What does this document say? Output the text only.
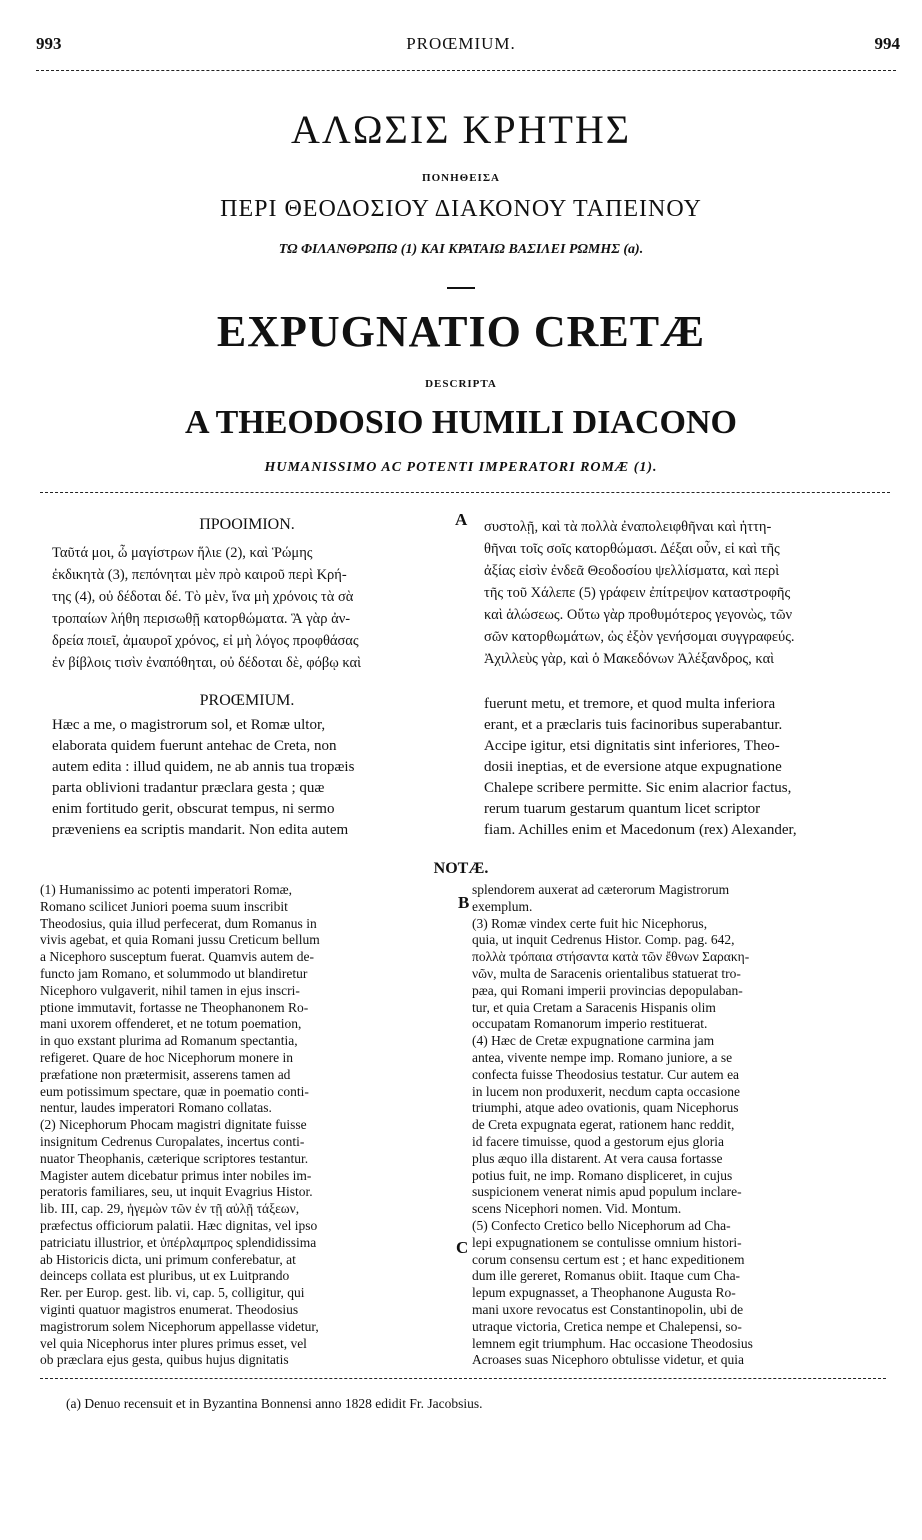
993	PROŒMIUM.	994
ΑΛΩΣΙΣ ΚΡΗΤΗΣ
ΠΟΝΗΘΕΙΣΑ
ΠΕΡΙ ΘΕΟΔΟΣΙΟΥ ΔΙΑΚΟΝΟΥ ΤΑΠΕΙΝΟΥ
ΤΩ ΦΙΛΑΝΘΡΩΠΩ (1) ΚΑΙ ΚΡΑΤΑΙΩ ΒΑΣΙΛΕΙ ΡΩΜΗΣ (a).
EXPUGNATIO CRETÆ
DESCRIPTA
A THEODOSIO HUMILI DIACONO
HUMANISSIMO AC POTENTI IMPERATORI ROMÆ (1).
A
B
C
ΠΡΟΟΙΜΙΟΝ.
Ταῦτά μοι, ὦ μαγίστρων ἥλιε (2), καὶ Ῥώμης
ἐκδικητὰ (3), πεπόνηται μὲν πρὸ καιροῦ περὶ Κρή-
της (4), οὐ δέδοται δέ. Τὸ μὲν, ἵνα μὴ χρόνοις τὰ σὰ
τροπαίων λήθη περισωθῇ κατορθώματα. Ἃ γὰρ ἀν-
δρεία ποιεῖ, ἀμαυροῖ χρόνος, εἰ μὴ λόγος προφθάσας
ἐν βίβλοις τισὶν ἐναπόθηται, οὐ δέδοται δὲ, φόβῳ καὶ
PROŒMIUM.
Hæc a me, o magistrorum sol, et Romæ ultor,
elaborata quidem fuerunt antehac de Creta, non
autem edita : illud quidem, ne ab annis tua tropæis
parta oblivioni tradantur præclara gesta ; quæ
enim fortitudo gerit, obscurat tempus, ni sermo
præveniens ea scriptis mandarit. Non edita autem
συστολῇ, καὶ τὰ πολλὰ ἐναπολειφθῆναι καὶ ἡττη-
θῆναι τοῖς σοῖς κατορθώμασι. Δέξαι οὖν, εἰ καὶ τῆς
ἀξίας εἰσὶν ἐνδεᾶ Θεοδοσίου ψελλίσματα, καὶ περὶ
τῆς τοῦ Χάλεπε (5) γράφειν ἐπίτρεψον καταστροφῆς
καὶ ἁλώσεως. Οὕτω γὰρ προθυμότερος γεγονὼς, τῶν
σῶν κατορθωμάτων, ὡς ἐξὸν γενήσομαι συγγραφεύς.
Ἀχιλλεὺς γὰρ, καὶ ὁ Μακεδόνων Ἀλέξανδρος, καὶ
fuerunt metu, et tremore, et quod multa inferiora
erant, et a præclaris tuis facinoribus superabantur.
Accipe igitur, etsi dignitatis sint inferiores, Theo-
dosii ineptias, et de eversione atque expugnatione
Chalepe scribere permitte. Sic enim alacrior factus,
rerum tuarum gestarum quantum licet scriptor
fiam. Achilles enim et Macedonum (rex) Alexander,
NOTÆ.
(1) Humanissimo ac potenti imperatori Romæ,
Romano scilicet Juniori poema suum inscribit
Theodosius, quia illud perfecerat, dum Romanus in
vivis agebat, et quia Romani jussu Creticum bellum
a Nicephoro susceptum fuerat. Quamvis autem de-
functo jam Romano, et solummodo ut blandiretur
Nicephoro vulgaverit, nihil tamen in ejus inscri-
ptione immutavit, fortasse ne Theophanonem Ro-
mani uxorem offenderet, et ne totum poemation,
in quo exstant plurima ad Romanum spectantia,
refigeret. Quare de hoc Nicephorum monere in
præfatione non prætermisit, asserens tamen ad
eum potissimum spectare, quæ in poematio conti-
nentur, laudes imperatori Romano collatas.
(2) Nicephorum Phocam magistri dignitate fuisse
insignitum Cedrenus Curopalates, incertus conti-
nuator Theophanis, cæterique scriptores testantur.
Magister autem dicebatur primus inter nobiles im-
peratoris familiares, seu, ut inquit Evagrius Histor.
lib. III, cap. 29, ἡγεμὼν τῶν ἐν τῇ αὐλῇ τάξεων,
præfectus officiorum palatii. Hæc dignitas, vel ipso
patriciatu illustrior, et ὑπέρλαμπρος splendidissima
ab Historicis dicta, uni primum conferebatur, at
deinceps collata est pluribus, ut ex Luitprando
Rer. per Europ. gest. lib. vi, cap. 5, colligitur, qui
viginti quatuor magistros enumerat. Theodosius
magistrorum solem Nicephorum appellasse videtur,
vel quia Nicephorus inter plures primus esset, vel
ob præclara ejus gesta, quibus hujus dignitatis
splendorem auxerat ad cæterorum Magistrorum
exemplum.
(3) Romæ vindex certe fuit hic Nicephorus,
quia, ut inquit Cedrenus Histor. Comp. pag. 642,
πολλὰ τρόπαια στήσαντα κατὰ τῶν ἔθνων Σαρακη-
νῶν, multa de Saracenis orientalibus statuerat tro-
pæa, qui Romani imperii provincias depopulaban-
tur, et quia Cretam a Saracenis Hispanis olim
occupatam Romanorum imperio restituerat.
(4) Hæc de Cretæ expugnatione carmina jam
antea, vivente nempe imp. Romano juniore, a se
confecta fuisse Theodosius testatur. Cur autem ea
in lucem non produxerit, necdum capta occasione
triumphi, atque adeo ovationis, quam Nicephorus
de Creta expugnata egerat, rationem hanc reddit,
id facere timuisse, quod a gestorum ejus gloria
plus æquo illa distarent. At vera causa fortasse
potius fuit, ne imp. Romano displiceret, in cujus
suspicionem venerat nimis apud populum inclare-
scens Nicephori nomen. Vid. Montum.
(5) Confecto Cretico bello Nicephorum ad Cha-
lepi expugnationem se contulisse omnium histori-
corum consensu certum est ; et hanc expeditionem
dum ille gereret, Romanus obiit. Itaque cum Cha-
lepum expugnasset, a Theophanone Augusta Ro-
mani uxore revocatus est Constantinopolin, ubi de
utraque victoria, Cretica nempe et Chalepensi, so-
lemnem egit triumphum. Hac occasione Theodosius
Acroases suas Nicephoro obtulisse videtur, et quia
(a) Denuo recensuit et in Byzantina Bonnensi anno 1828 edidit Fr. Jacobsius.
